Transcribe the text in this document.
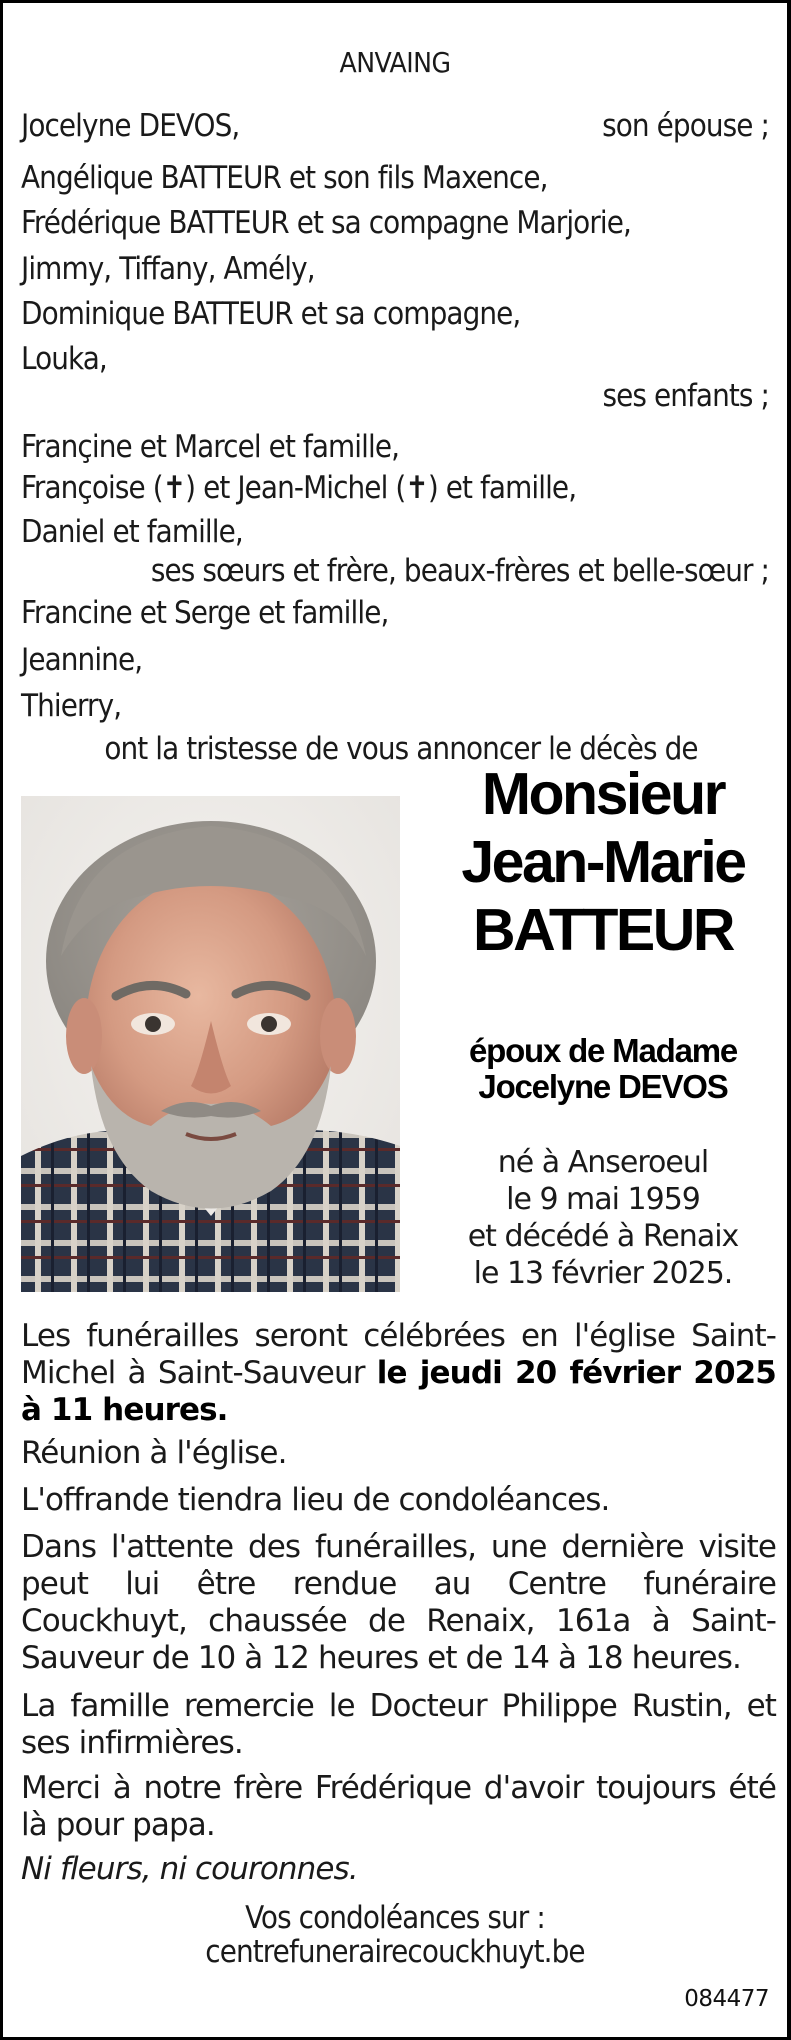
ANVAING
Jocelyne DEVOS,	son épouse ;
Angélique BATTEUR et son fils Maxence,
Frédérique BATTEUR et sa compagne Marjorie,
Jimmy, Tiffany, Amély,
Dominique BATTEUR et sa compagne,
Louka,
ses enfants ;
Françine et Marcel et famille,
Françoise (✝) et Jean-Michel (✝) et famille,
Daniel et famille,
ses sœurs et frère, beaux-frères et belle-sœur ;
Francine et Serge et famille,
Jeannine,
Thierry,
ont la tristesse de vous annoncer le décès de
Monsieur
Jean-Marie
BATTEUR
époux de Madame
Jocelyne DEVOS
né à Anseroeul
le 9 mai 1959
et décédé à Renaix
le 13 février 2025.
Les funérailles seront célébrées en l'église Saint-Michel à Saint-Sauveur le jeudi 20 février 2025 à 11 heures.
Réunion à l'église.
L'offrande tiendra lieu de condoléances.
Dans l'attente des funérailles, une dernière visite peut lui être rendue au Centre funéraire Couckhuyt, chaussée de Renaix, 161a à Saint-Sauveur de 10 à 12 heures et de 14 à 18 heures.
La famille remercie le Docteur Philippe Rustin, et ses infirmières.
Merci à notre frère Frédérique d'avoir toujours été là pour papa.
Ni fleurs, ni couronnes.
Vos condoléances sur :
centrefunerairecouckhuyt.be
084477
